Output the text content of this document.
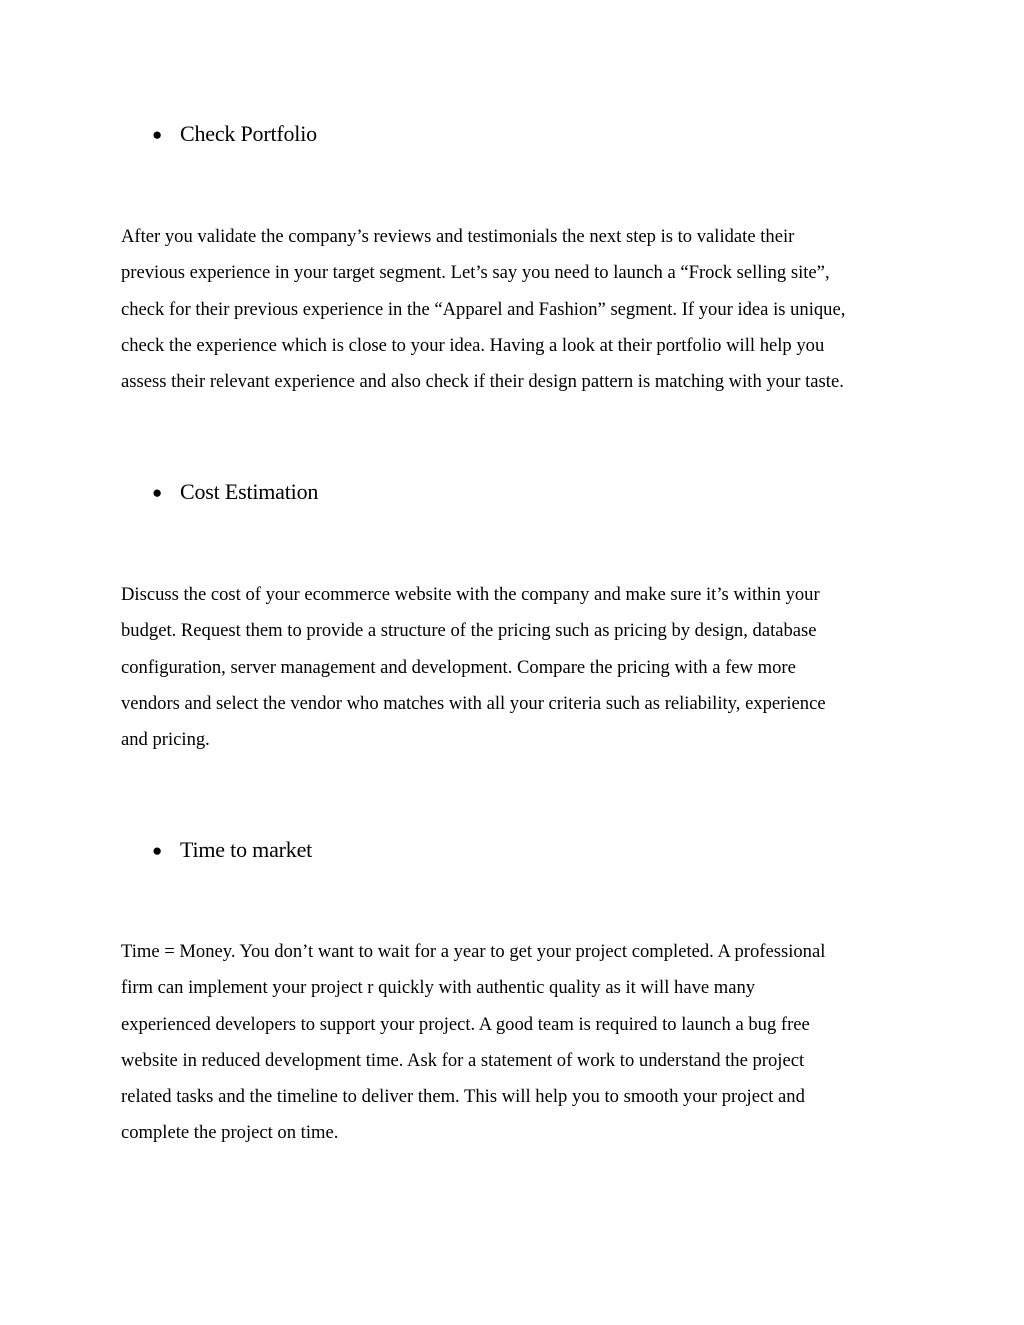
● Check Portfolio

After you validate the company’s reviews and testimonials the next step is to validate their
previous experience in your target segment. Let’s say you need to launch a “Frock selling site”,
check for their previous experience in the “Apparel and Fashion” segment. If your idea is unique,
check the experience which is close to your idea. Having a look at their portfolio will help you
assess their relevant experience and also check if their design pattern is matching with your taste.

● Cost Estimation

Discuss the cost of your ecommerce website with the company and make sure it’s within your
budget. Request them to provide a structure of the pricing such as pricing by design, database
configuration, server management and development. Compare the pricing with a few more
vendors and select the vendor who matches with all your criteria such as reliability, experience
and pricing.

● Time to market

Time = Money. You don’t want to wait for a year to get your project completed. A professional
firm can implement your project r quickly with authentic quality as it will have many
experienced developers to support your project. A good team is required to launch a bug free
website in reduced development time. Ask for a statement of work to understand the project
related tasks and the timeline to deliver them. This will help you to smooth your project and
complete the project on time.
